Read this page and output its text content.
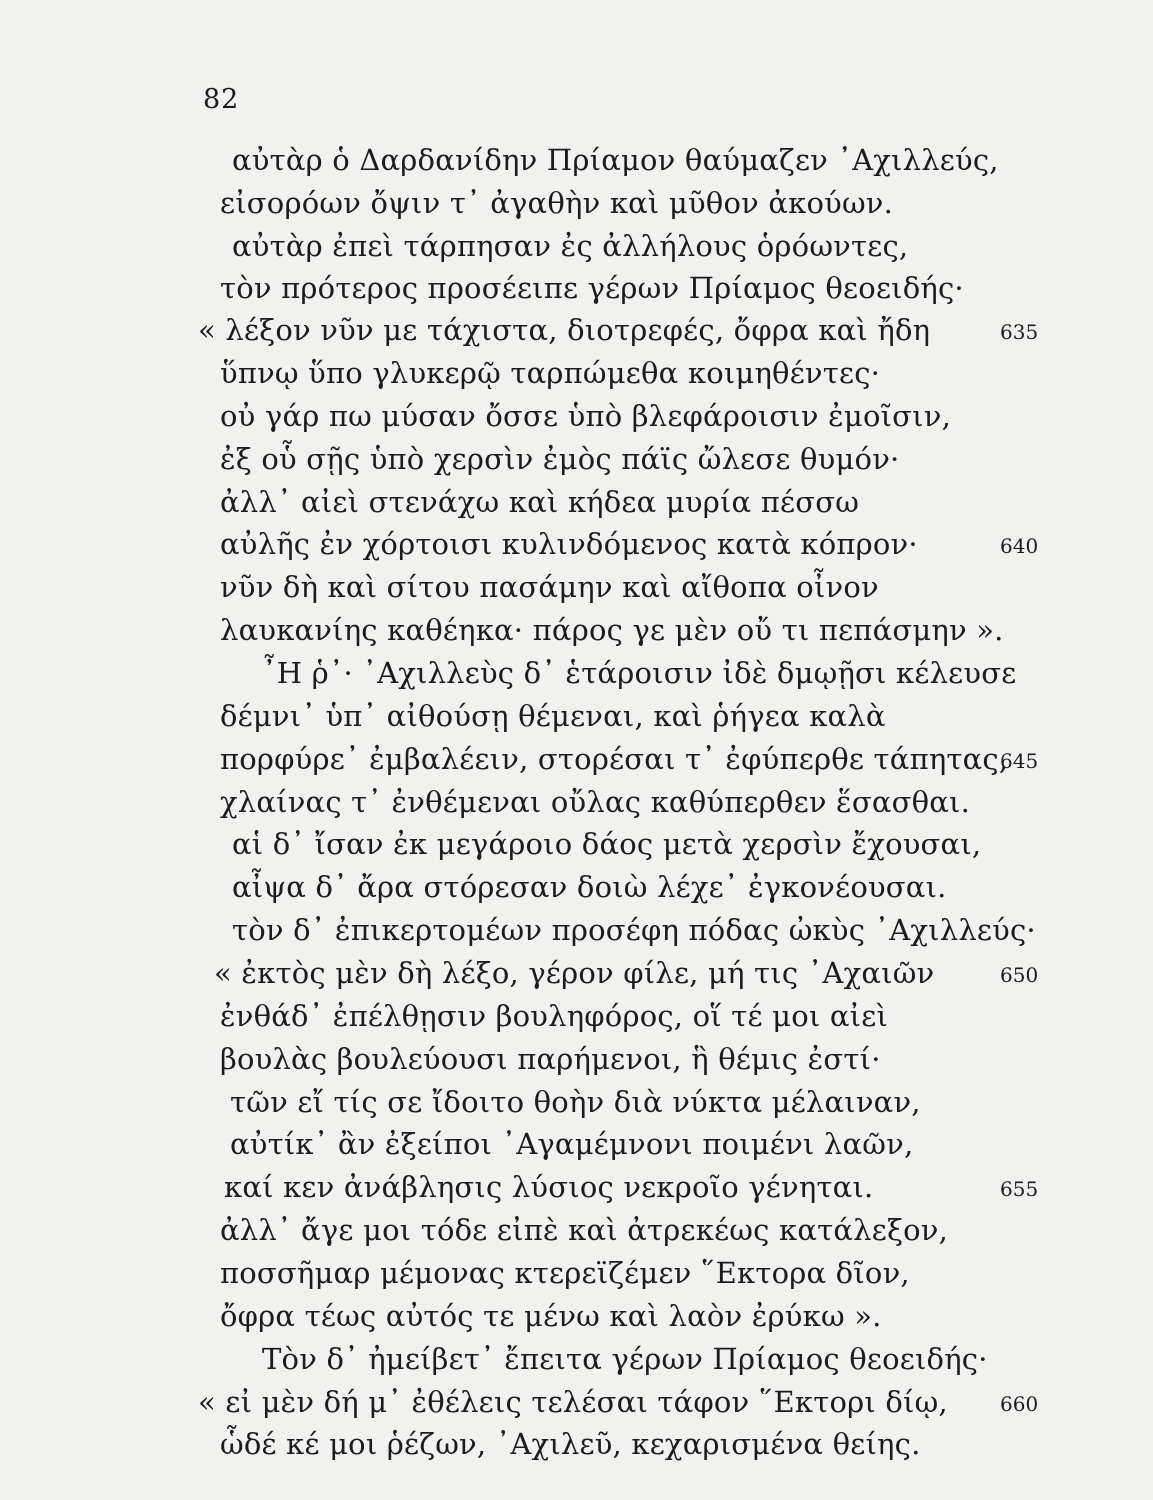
82
αὐτὰρ ὁ Δαρδανίδην Πρίαμον θαύμαζεν ᾿Αχιλλεύς,
εἰσορόων ὄψιν τ᾿ ἀγαθὴν καὶ μῦθον ἀκούων.
αὐτὰρ ἐπεὶ τάρπησαν ἐς ἀλλήλους ὁρόωντες,
τὸν πρότερος προσέειπε γέρων Πρίαμος θεοειδής·
« λέξον νῦν με τάχιστα, διοτρεφές, ὄφρα καὶ ἤδη
ὕπνῳ ὕπο γλυκερῷ ταρπώμεθα κοιμηθέντες·
οὐ γάρ πω μύσαν ὄσσε ὑπὸ βλεφάροισιν ἐμοῖσιν,
ἐξ οὗ σῇς ὑπὸ χερσὶν ἐμὸς πάϊς ὤλεσε θυμόν·
ἀλλ᾿ αἰεὶ στενάχω καὶ κήδεα μυρία πέσσω
αὐλῆς ἐν χόρτοισι κυλινδόμενος κατὰ κόπρον·
νῦν δὴ καὶ σίτου πασάμην καὶ αἴθοπα οἶνον
λαυκανίης καθέηκα· πάρος γε μὲν οὔ τι πεπάσμην ».
῏Η ῥ᾿· ᾿Αχιλλεὺς δ᾿ ἑτάροισιν ἰδὲ δμῳῇσι κέλευσε
δέμνι᾿ ὑπ᾿ αἰθούσῃ θέμεναι, καὶ ῥήγεα καλὰ
πορφύρε᾿ ἐμβαλέειν, στορέσαι τ᾿ ἐφύπερθε τάπητας,
χλαίνας τ᾿ ἐνθέμεναι οὔλας καθύπερθεν ἕσασθαι.
αἱ δ᾿ ἴσαν ἐκ μεγάροιο δάος μετὰ χερσὶν ἔχουσαι,
αἶψα δ᾿ ἄρα στόρεσαν δοιὼ λέχε᾿ ἐγκονέουσαι.
τὸν δ᾿ ἐπικερτομέων προσέφη πόδας ὠκὺς ᾿Αχιλλεύς·
« ἐκτὸς μὲν δὴ λέξο, γέρον φίλε, μή τις ᾿Αχαιῶν
ἐνθάδ᾿ ἐπέλθῃσιν βουληφόρος, οἵ τέ μοι αἰεὶ
βουλὰς βουλεύουσι παρήμενοι, ἣ θέμις ἐστί·
τῶν εἴ τίς σε ἴδοιτο θοὴν διὰ νύκτα μέλαιναν,
αὐτίκ᾿ ἂν ἐξείποι ᾿Αγαμέμνονι ποιμένι λαῶν,
καί κεν ἀνάβλησις λύσιος νεκροῖο γένηται.
ἀλλ᾿ ἄγε μοι τόδε εἰπὲ καὶ ἀτρεκέως κατάλεξον,
ποσσῆμαρ μέμονας κτερεϊζέμεν ῞Εκτορα δῖον,
ὄφρα τέως αὐτός τε μένω καὶ λαὸν ἐρύκω ».
Τὸν δ᾿ ἠμείβετ᾿ ἔπειτα γέρων Πρίαμος θεοειδής·
« εἰ μὲν δή μ᾿ ἐθέλεις τελέσαι τάφον ῞Εκτορι δίῳ,
ὧδέ κέ μοι ῥέζων, ᾿Αχιλεῦ, κεχαρισμένα θείης.
635
640
645
650
655
660
